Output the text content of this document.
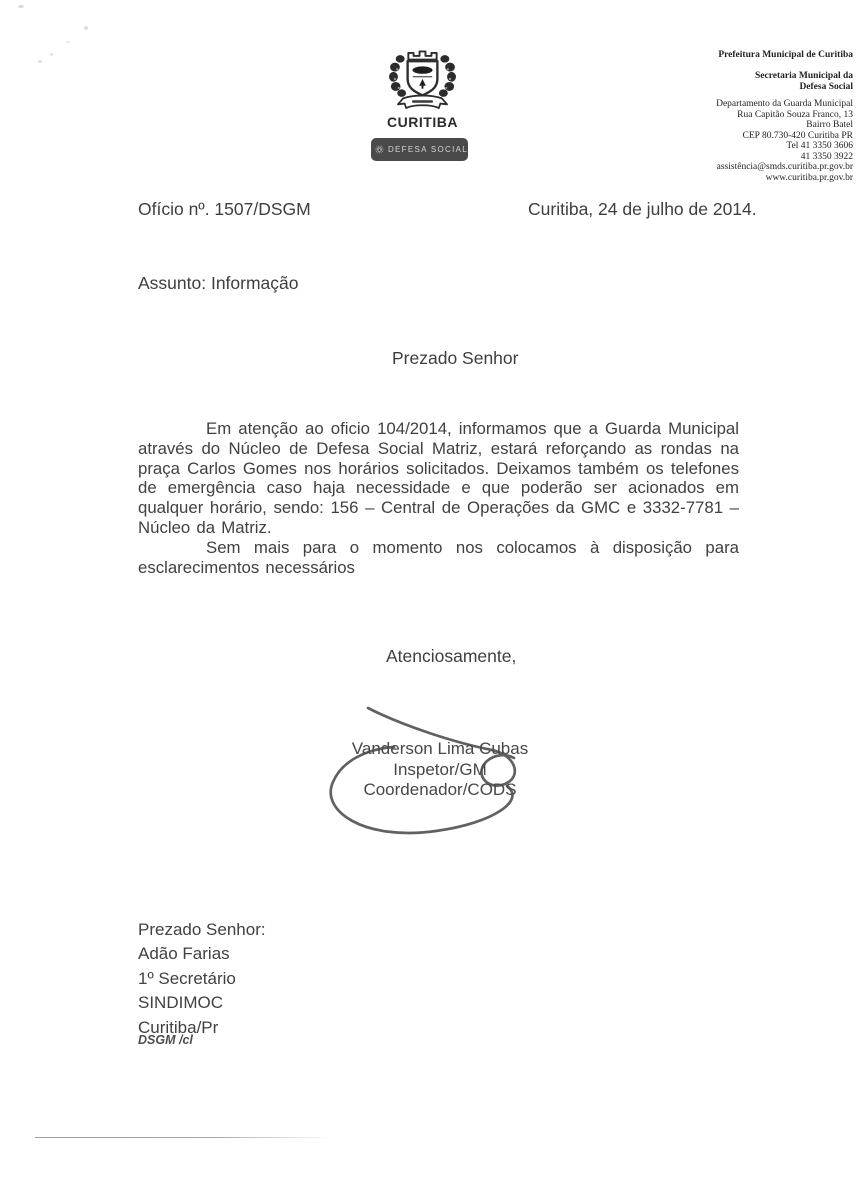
CURITIBA
DEFESA SOCIAL
Prefeitura Municipal de Curitiba
Secretaria Municipal da
Defesa Social
Departamento da Guarda Municipal
Rua Capitão Souza Franco, 13
Bairro Batel
CEP 80.730-420 Curitiba PR
Tel 41 3350 3606
41 3350 3922
assistência@smds.curitiba.pr.gov.br
www.curitiba.pr.gov.br
Ofício nº. 1507/DSGM	Curitiba, 24 de julho de 2014.
Assunto: Informação
Prezado Senhor

Em atenção ao oficio 104/2014, informamos que a Guarda Municipal através do Núcleo de Defesa Social Matriz, estará reforçando as rondas na praça Carlos Gomes nos horários solicitados. Deixamos também os telefones de emergência caso haja necessidade e que poderão ser acionados em qualquer horário, sendo: 156 – Central de Operações da GMC e 3332-7781 – Núcleo da Matriz.

Sem mais para o momento nos colocamos à disposição para esclarecimentos necessários

Atenciosamente,
Vanderson Lima Cubas
Inspetor/GM
Coordenador/CODS
Prezado Senhor:
Adão Farias
1º Secretário
SINDIMOC
Curitiba/Pr
DSGM /cl
